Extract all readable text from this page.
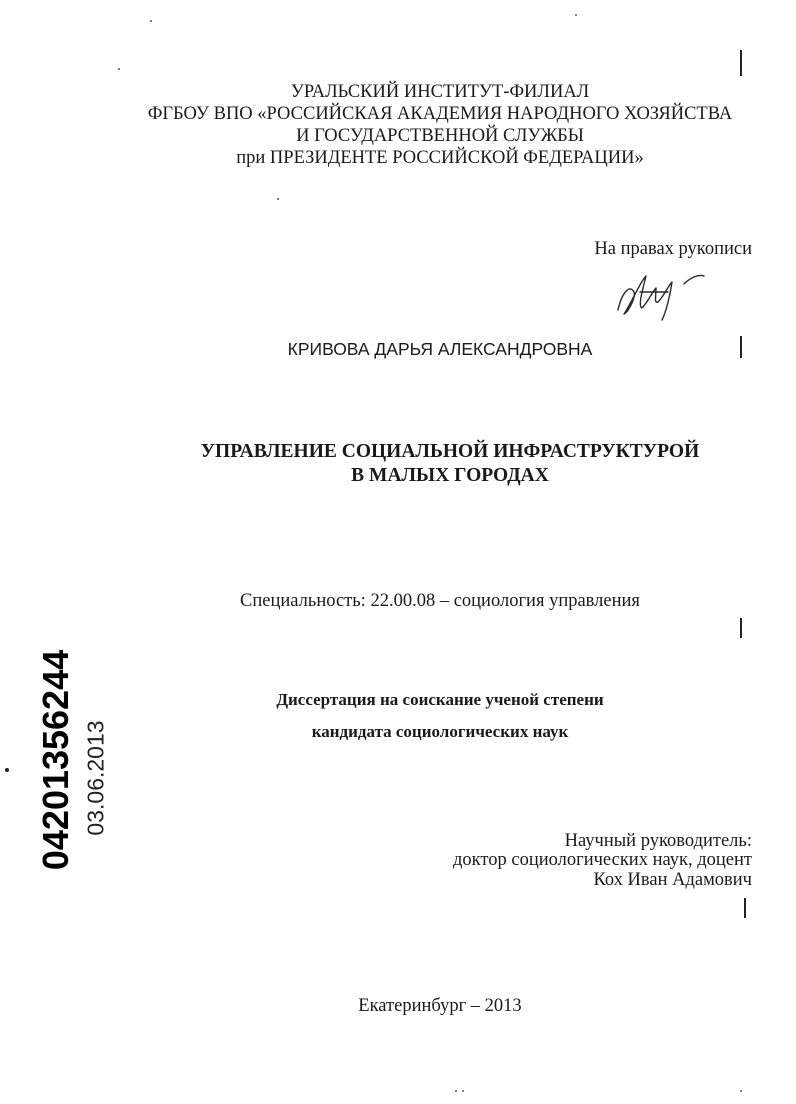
УРАЛЬСКИЙ ИНСТИТУТ-ФИЛИАЛ
ФГБОУ ВПО «РОССИЙСКАЯ АКАДЕМИЯ НАРОДНОГО ХОЗЯЙСТВА
И ГОСУДАРСТВЕННОЙ СЛУЖБЫ
при ПРЕЗИДЕНТЕ РОССИЙСКОЙ ФЕДЕРАЦИИ»
На правах рукописи
КРИВОВА ДАРЬЯ АЛЕКСАНДРОВНА
УПРАВЛЕНИЕ СОЦИАЛЬНОЙ ИНФРАСТРУКТУРОЙ
В МАЛЫХ ГОРОДАХ
Специальность: 22.00.08 – социология управления
Диссертация на соискание ученой степени
кандидата социологических наук
Научный руководитель:
доктор социологических наук, доцент
Кох Иван Адамович
Екатеринбург – 2013
04201356244 03.06.2013
